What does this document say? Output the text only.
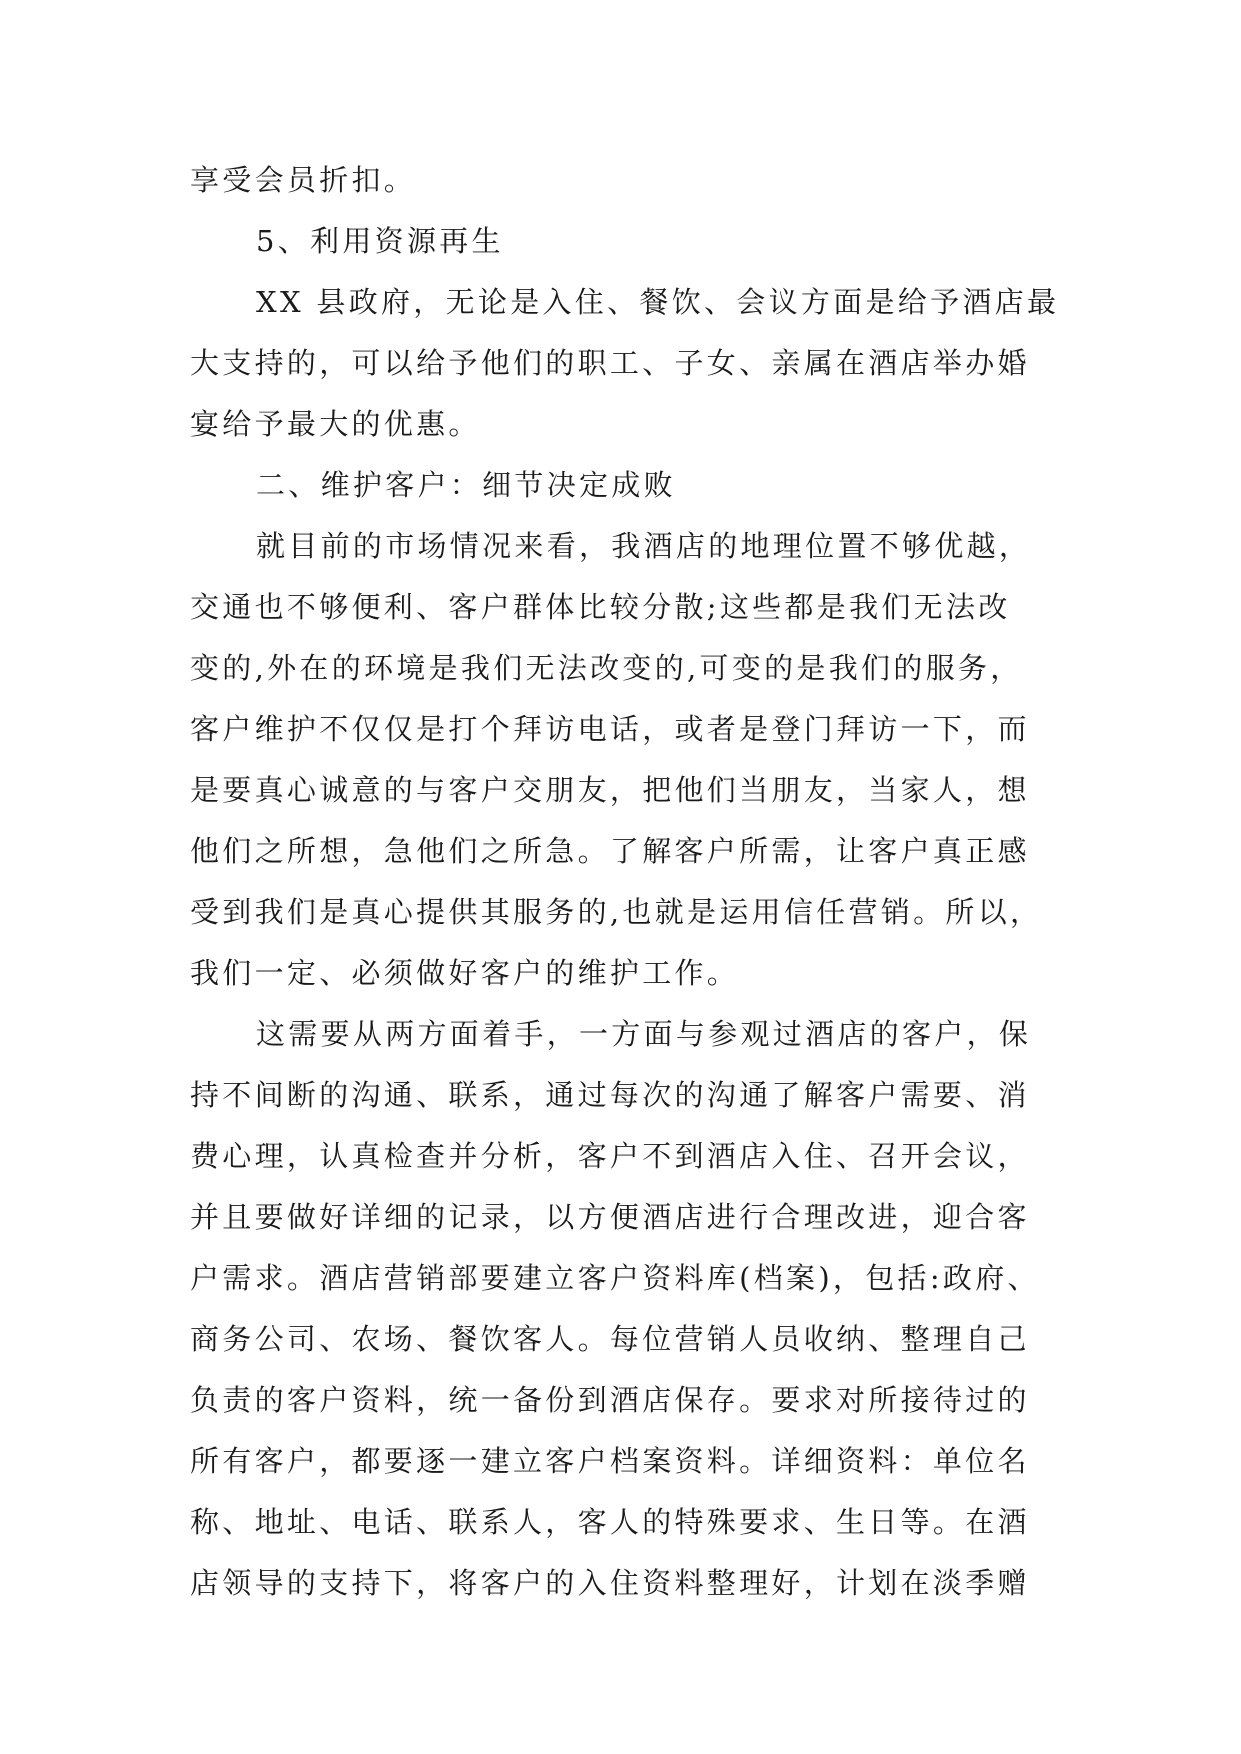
享受会员折扣。
5、利用资源再生
XX 县政府，无论是入住、餐饮、会议方面是给予酒店最
大支持的，可以给予他们的职工、子女、亲属在酒店举办婚
宴给予最大的优惠。
二、维护客户：细节决定成败
就目前的市场情况来看，我酒店的地理位置不够优越，
交通也不够便利、客户群体比较分散;这些都是我们无法改
变的,外在的环境是我们无法改变的,可变的是我们的服务，
客户维护不仅仅是打个拜访电话，或者是登门拜访一下，而
是要真心诚意的与客户交朋友，把他们当朋友，当家人，想
他们之所想，急他们之所急。了解客户所需，让客户真正感
受到我们是真心提供其服务的,也就是运用信任营销。所以，
我们一定、必须做好客户的维护工作。
这需要从两方面着手，一方面与参观过酒店的客户，保
持不间断的沟通、联系，通过每次的沟通了解客户需要、消
费心理，认真检查并分析，客户不到酒店入住、召开会议，
并且要做好详细的记录，以方便酒店进行合理改进，迎合客
户需求。酒店营销部要建立客户资料库(档案)，包括:政府、
商务公司、农场、餐饮客人。每位营销人员收纳、整理自己
负责的客户资料，统一备份到酒店保存。要求对所接待过的
所有客户，都要逐一建立客户档案资料。详细资料：单位名
称、地址、电话、联系人，客人的特殊要求、生日等。在酒
店领导的支持下，将客户的入住资料整理好，计划在淡季赠
